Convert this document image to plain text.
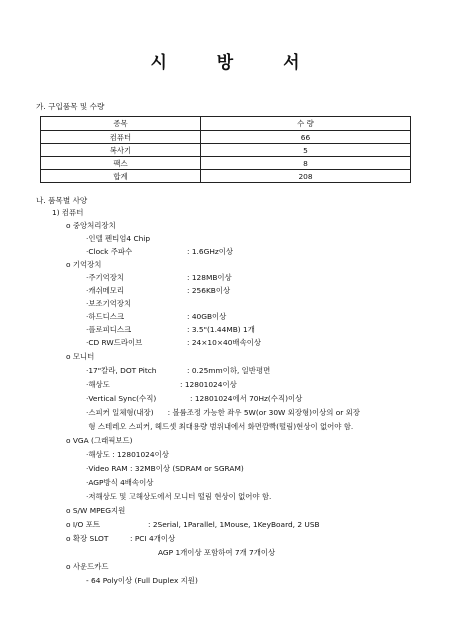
시 방 서
가. 구입품목 및 수량
종목	수 량
컴퓨터	66
복사기	5
팩스	8
합계	208
나. 품목별 사양
1) 컴퓨터
o 중앙처리장치
·인텔 펜티엄4 Chip
·Clock 주파수	: 1.6GHz이상
o 기억장치
·주기억장치	: 128MB이상
·캐쉬메모리	: 256KB이상
·보조기억장치
·하드디스크	: 40GB이상
·플로피디스크	: 3.5"(1.44MB) 1개
·CD RW드라이브	: 24×10×40배속이상
o 모니터
·17"칼라, DOT Pitch	: 0.25mm이하, 일반평면
·해상도	: 12801024이상
·Vertical Sync(수직)	: 12801024에서 70Hz(수직)이상
·스피커 일체형(내장)      : 볼륨조정 가능한 좌우 5W(or 30W 외장형)이상의 or 외장
형 스테레오 스피커, 헤드셋 최대용량 범위내에서 화면깜빡(떨림)현상이 없어야 함.
o VGA (그래픽보드)
·해상도 : 12801024이상
·Video RAM : 32MB이상 (SDRAM or SGRAM)
·AGP방식 4배속이상
·저해상도 및 고해상도에서 모니터 떨림 현상이 없어야 함.
o S/W MPEG지원
o I/O 포트	: 2Serial, 1Parallel, 1Mouse, 1KeyBoard, 2 USB
o 확장 SLOT	: PCI 4개이상
AGP 1개이상 포함하여 7개 7개이상
o 사운드카드
- 64 Poly이상 (Full Duplex 지원)
